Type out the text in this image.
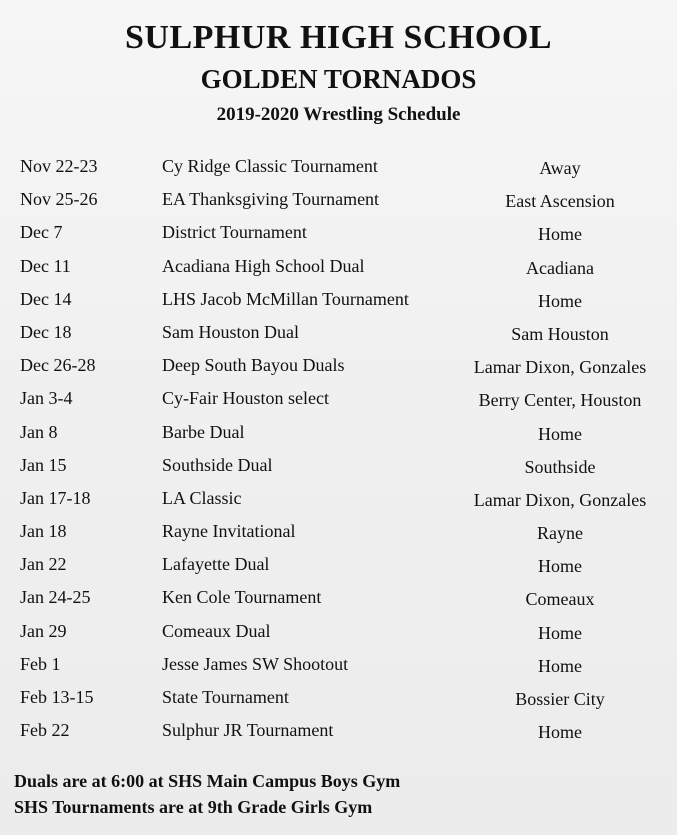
SULPHUR HIGH SCHOOL
GOLDEN TORNADOS
2019-2020 Wrestling Schedule
Nov 22-23	Cy Ridge Classic Tournament	Away
Nov 25-26	EA Thanksgiving Tournament	East Ascension
Dec 7	District Tournament	Home
Dec 11	Acadiana High School Dual	Acadiana
Dec 14	LHS Jacob McMillan Tournament	Home
Dec 18	Sam Houston Dual	Sam Houston
Dec 26-28	Deep South Bayou Duals	Lamar Dixon, Gonzales
Jan 3-4	Cy-Fair Houston select	Berry Center, Houston
Jan 8	Barbe Dual	Home
Jan 15	Southside Dual	Southside
Jan 17-18	LA Classic	Lamar Dixon, Gonzales
Jan 18	Rayne Invitational	Rayne
Jan 22	Lafayette Dual	Home
Jan 24-25	Ken Cole Tournament	Comeaux
Jan 29	Comeaux Dual	Home
Feb 1	Jesse James SW Shootout	Home
Feb 13-15	State Tournament	Bossier City
Feb 22	Sulphur JR Tournament	Home
Duals are at 6:00 at SHS Main Campus Boys Gym
SHS Tournaments are at 9th Grade Girls Gym
